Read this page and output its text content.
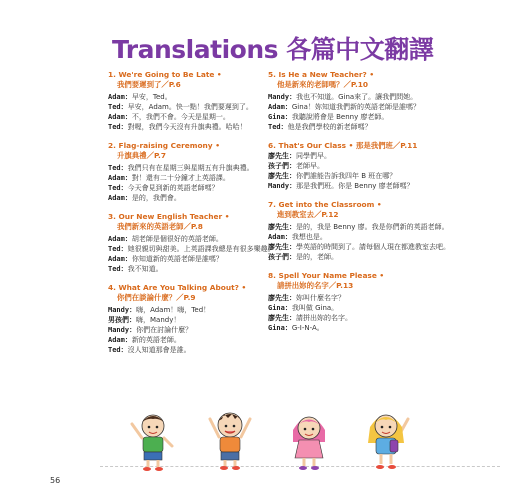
Translations 各篇中文翻譯
1. We're Going to Be Late •
我們要遲到了／P.6
Adam： 早安，Ted。
Ted： 早安，Adam。快一點！我們要遲到了。
Adam： 不，我們不會。今天是星期一。
Ted： 對喔，我們今天沒有升旗典禮。哈哈！
2. Flag-raising Ceremony •
升旗典禮／P.7
Ted： 我們只有在星期三與星期五有升旗典禮。
Adam： 對！還有二十分鐘才上英語課。
Ted： 今天會見到新的英語老師嗎？
Adam： 是的，我們會。
3. Our New English Teacher •
我們新來的英語老師／P.8
Adam： 胡老師是個很好的英語老師。
Ted： 她很親切與甜美。上英語課我總是有很多樂趣。
Adam： 你知道新的英語老師是誰嗎？
Ted： 我不知道。
4. What Are You Talking About? •
你們在談論什麼？／P.9
Mandy： 嗨，Adam！嗨，Ted！
男孩們： 嗨，Mandy！
Mandy： 你們在討論什麼？
Adam： 新的英語老師。
Ted： 沒人知道那會是誰。
5. Is He a New Teacher? •
他是新來的老師嗎？／P.10
Mandy： 我也不知道。Gina來了。讓我們問她。
Adam： Gina！妳知道我們新的英語老師是誰嗎？
Gina： 我聽說將會是 Benny 廖老師。
Ted： 他是我們學校的新老師嗎？
6. That's Our Class • 那是我們班／P.11
廖先生： 同學們早。
孩子們： 老師早。
廖先生： 你們誰能告訴我四年 B 班在哪？
Mandy： 那是我們班。你是 Benny 廖老師嗎？
7. Get into the Classroom •
進到教室去／P.12
廖先生： 是的，我是 Benny 廖。我是你們新的英語老師。
Adam： 我想也是。
廖先生： 學英語的時間到了。請每個人現在都進教室去吧。
孩子們： 是的，老師。
8. Spell Your Name Please •
請拼出妳的名字／P.13
廖先生： 妳叫什麼名字？
Gina： 我叫做 Gina。
廖先生： 請拼出妳的名字。
Gina： G-I-N-A。
56
